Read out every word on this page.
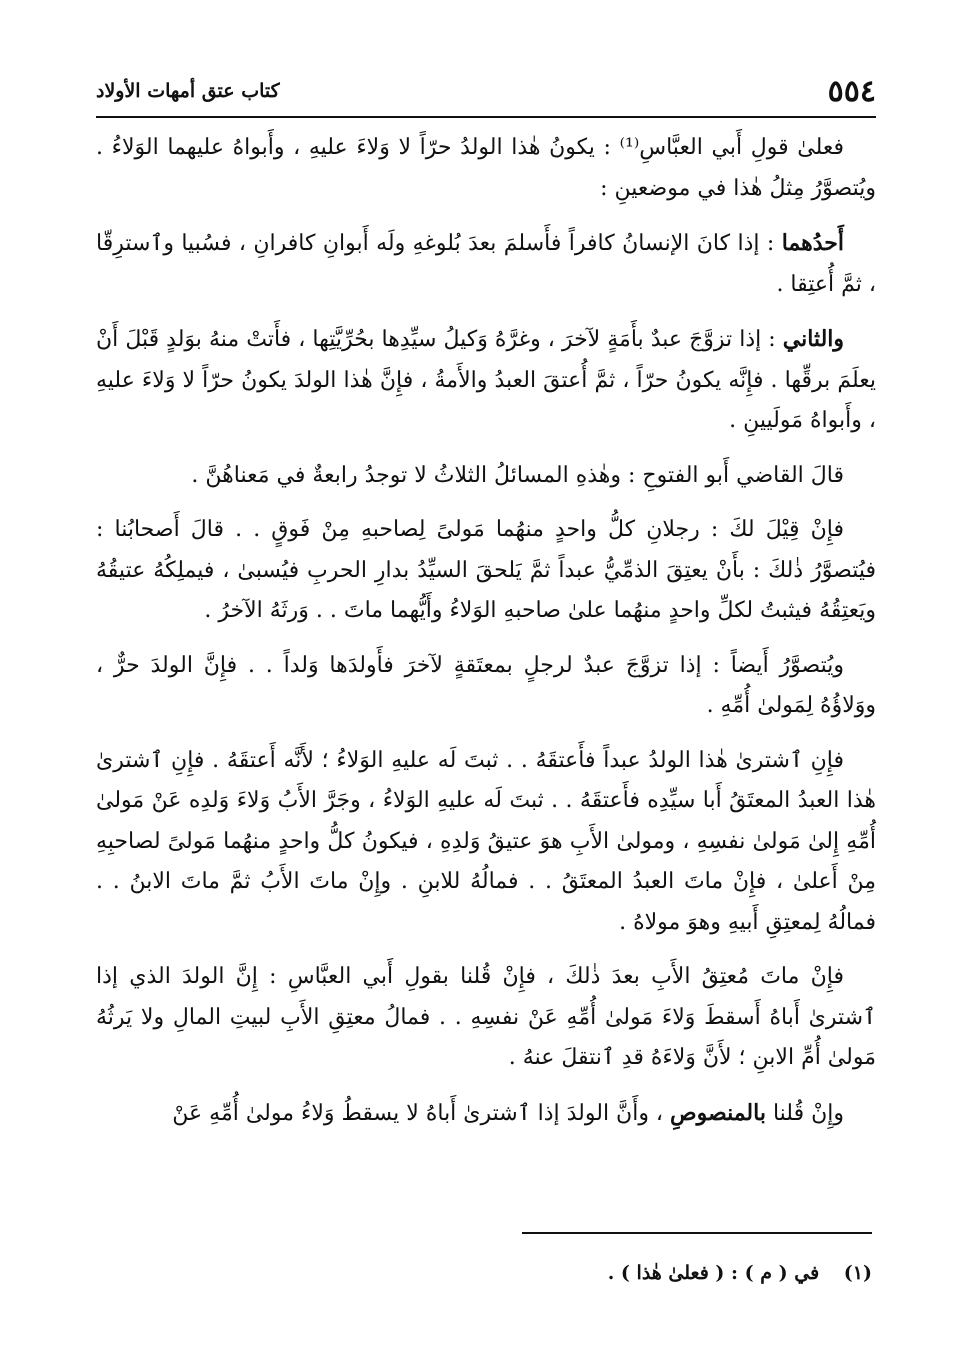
٥٥٤
كتاب عتق أمهات الأولاد

فعلىٰ قولِ أَبي العبَّاسِ⁽¹⁾ : يكونُ هٰذا الولدُ حرّاً لا وَلاءَ عليهِ ، وأَبواهُ عليهما الوَلاءُ . ويُتصوَّرُ مِثلُ هٰذا في موضعينِ :

أَحدُهما : إذا كانَ الإنسانُ كافراً فأَسلمَ بعدَ بُلوغهِ ولَه أَبوانِ كافرانِ ، فسُبيا وٱسترِقّا ، ثمَّ أُعتِقا .

والثاني : إذا تزوَّجَ عبدٌ بأَمَةٍ لآخرَ ، وغرَّهُ وَكيلُ سيِّدِها بحُرِّيَّتِها ، فأَتتْ منهُ بوَلدٍ قَبْلَ أَنْ يعلَمَ برقِّها . فإِنَّه يكونُ حرّاً ، ثمَّ أُعتقَ العبدُ والأَمةُ ، فإِنَّ هٰذا الولدَ يكونُ حرّاً لا وَلاءَ عليهِ ، وأَبواهُ مَولَيينِ .

قالَ القاضي أَبو الفتوحِ : وهٰذهِ المسائلُ الثلاثُ لا توجدُ رابعةٌ في مَعناهُنَّ .

فإِنْ قِيْلَ لكَ : رجلانِ كلُّ واحدٍ منهُما مَولىً لِصاحبهِ مِنْ فَوقٍ . . قالَ أَصحابُنا : فيُتصوَّرُ ذٰلكَ : بأَنْ يعتِقَ الذمِّيُّ عبداً ثمَّ يَلحقَ السيِّدُ بدارِ الحربِ فيُسبىٰ ، فيملِكُهُ عتيقُهُ ويَعتِقُهُ فيثبتُ لكلِّ واحدٍ منهُما علىٰ صاحبهِ الوَلاءُ وأَيُّهما ماتَ . . وَرثَهُ الآخرُ .

ويُتصوَّرُ أَيضاً : إذا تزوَّجَ عبدٌ لرجلٍ بمعتَقةٍ لآخرَ فأَولدَها وَلداً . . فإِنَّ الولدَ حرٌّ ، ووَلاؤُهُ لِمَولىٰ أُمِّهِ .

فإِنِ ٱشترىٰ هٰذا الولدُ عبداً فأَعتقَهُ . . ثبتَ لَه عليهِ الوَلاءُ ؛ لأَنَّه أَعتقَهُ . فإِنِ ٱشترىٰ هٰذا العبدُ المعتَقُ أَبا سيِّدِه فأَعتقَهُ . . ثبتَ لَه عليهِ الوَلاءُ ، وجَرَّ الأَبُ وَلاءَ وَلدِه عَنْ مَولىٰ أُمِّهِ إِلىٰ مَولىٰ نفسِهِ ، ومولىٰ الأَبِ هوَ عتيقُ وَلدِهِ ، فيكونُ كلُّ واحدٍ منهُما مَولىً لصاحبِهِ مِنْ أَعلىٰ ، فإِنْ ماتَ العبدُ المعتَقُ . . فمالُهُ للابنِ . وإِنْ ماتَ الأَبُ ثمَّ ماتَ الابنُ . . فمالُهُ لِمعتِقِ أَبيهِ وهوَ مولاهُ .

فإِنْ ماتَ مُعتِقُ الأَبِ بعدَ ذٰلكَ ، فإِنْ قُلنا بقولِ أَبي العبَّاسِ : إِنَّ الولدَ الذي إذا ٱشترىٰ أَباهُ أَسقطَ وَلاءَ مَولىٰ أُمِّهِ عَنْ نفسِهِ . . فمالُ معتِقِ الأَبِ لبيتِ المالِ ولا يَرثُهُ مَولىٰ أُمِّ الابنِ ؛ لأَنَّ وَلاءَهُ قدِ ٱنتقلَ عنهُ .

وإِنْ قُلنا بالمنصوصِ ، وأَنَّ الولدَ إذا ٱشترىٰ أَباهُ لا يسقطُ وَلاءُ مولىٰ أُمِّهِ عَنْ

(١) في ( م ) : ( فعلىٰ هٰذا ) .
